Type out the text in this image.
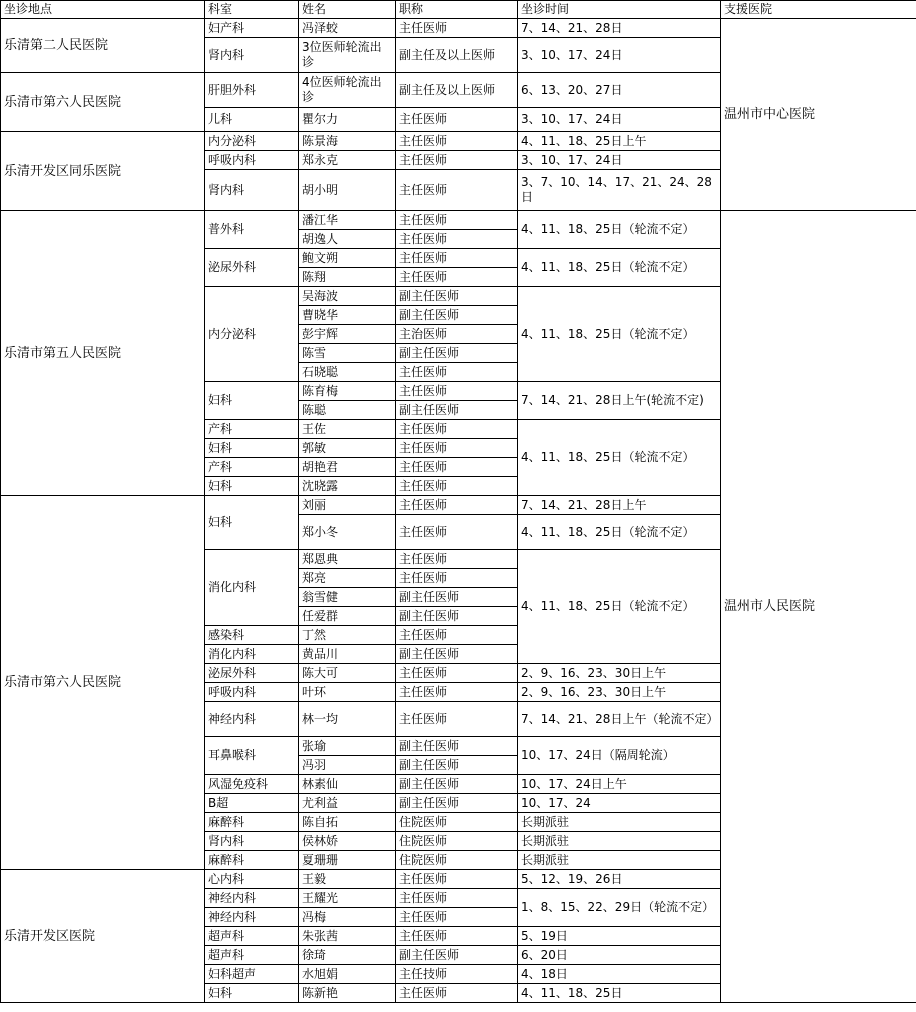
坐诊地点	科室	姓名	职称	坐诊时间	支援医院
乐清第二人民医院	妇产科	冯泽蛟	主任医师	7、14、21、28日	温州市中心医院
	肾内科	3位医师轮流出诊	副主任及以上医师	3、10、17、24日	
乐清市第六人民医院	肝胆外科	4位医师轮流出诊	副主任及以上医师	6、13、20、27日	
	儿科	瞿尔力	主任医师	3、10、17、24日	
乐清开发区同乐医院	内分泌科	陈景海	主任医师	4、11、18、25日上午	
	呼吸内科	郑永克	主任医师	3、10、17、24日	
	肾内科	胡小明	主任医师	3、7、10、14、17、21、24、28日	
乐清市第五人民医院	普外科	潘江华	主任医师	4、11、18、25日（轮流不定）	温州市人民医院
		胡逸人	主任医师		
	泌尿外科	鲍文朔	主任医师	4、11、18、25日（轮流不定）	
		陈翔	主任医师		
	内分泌科	吴海波	副主任医师	4、11、18、25日（轮流不定）	
		曹晓华	副主任医师		
		彭宇辉	主治医师		
		陈雪	副主任医师		
		石晓聪	主任医师		
	妇科	陈育梅	主任医师	7、14、21、28日上午(轮流不定)	
		陈聪	副主任医师		
	产科	王佐	主任医师	4、11、18、25日（轮流不定）	
	妇科	郭敏	主任医师		
	产科	胡艳君	主任医师		
	妇科	沈晓露	主任医师		
乐清市第六人民医院	妇科	刘丽	主任医师	7、14、21、28日上午	
		郑小冬	主任医师	4、11、18、25日（轮流不定）	
	消化内科	郑恩典	主任医师	4、11、18、25日（轮流不定）	
		郑亮	主任医师		
		翁雪健	副主任医师		
		任爱群	副主任医师		
	感染科	丁然	主任医师		
	消化内科	黄品川	副主任医师		
	泌尿外科	陈大可	主任医师	2、9、16、23、30日上午	
	呼吸内科	叶环	主任医师	2、9、16、23、30日上午	
	神经内科	林一均	主任医师	7、14、21、28日上午（轮流不定）	
	耳鼻喉科	张瑜	副主任医师	10、17、24日（隔周轮流）	
		冯羽	副主任医师		
	风湿免疫科	林素仙	副主任医师	10、17、24日上午	
	B超	尤利益	副主任医师	10、17、24	
	麻醉科	陈自拓	住院医师	长期派驻	
	肾内科	侯林娇	住院医师	长期派驻	
	麻醉科	夏珊珊	住院医师	长期派驻	
乐清开发区医院	心内科	王毅	主任医师	5、12、19、26日	
	神经内科	王耀光	主任医师	1、8、15、22、29日（轮流不定）	
	神经内科	冯梅	主任医师		
	超声科	朱张茜	主任医师	5、19日	
	超声科	徐琦	副主任医师	6、20日	
	妇科超声	水旭娟	主任技师	4、18日	
	妇科	陈新艳	主任医师	4、11、18、25日	
